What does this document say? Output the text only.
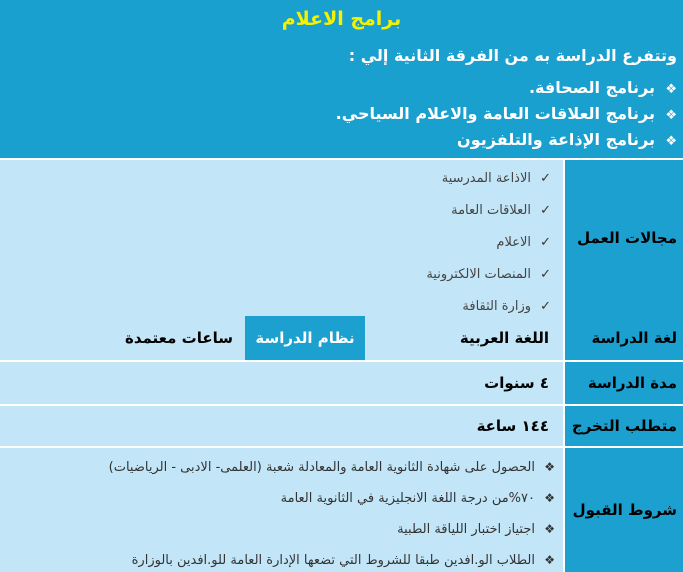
برامج الاعلام
وتتفرع الدراسة به من الفرقة الثانية إلي :
❖برنامج الصحافة.
❖برنامج العلاقات العامة والاعلام السياحي.
❖برنامج الإذاعة والتلفزيون
مجالات العمل
✓الاذاعة المدرسية
✓العلاقات العامة
✓الاعلام
✓المنصات الالكترونية
✓وزارة الثقافة
لغة الدراسة
اللغة العربية
نظام الدراسة
ساعات معتمدة
مدة الدراسة
٤ سنوات
متطلب التخرج
١٤٤ ساعة
شروط القبول
❖الحصول على شهادة الثانوية العامة والمعادلة شعبة (العلمى- الادبى - الرياضيات)
❖٧٠%من درجة اللغة الانجليزية في الثانوية العامة
❖اجتياز اختبار اللياقة الطبية
❖الطلاب الو.افدين طبقا للشروط التي تضعها الإدارة العامة للو.افدين بالوزارة
